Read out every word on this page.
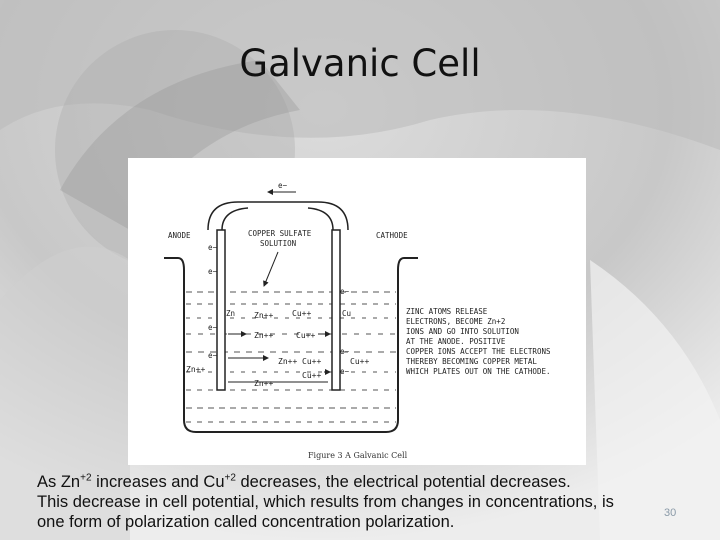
Galvanic Cell
e−
ANODE	CATHODE
COPPER SULFATE
SOLUTION
Zn	Cu
e−
e−
e−
e−
e−
e−
e−
Zn++
Zn++
Zn++
Zn++
Zn++
Cu++
Cu++
Cu++
Cu++
Cu++
ZINC ATOMS RELEASE
ELECTRONS, BECOME Zn+2
IONS AND GO INTO SOLUTION
AT THE ANODE. POSITIVE
COPPER IONS ACCEPT THE ELECTRONS
THEREBY BECOMING COPPER METAL
WHICH PLATES OUT ON THE CATHODE.
Figure 3 A Galvanic Cell
As $Zn^{+2}$ increases and $Cu^{+2}$ decreases, the electrical potential decreases.
This decrease in cell potential, which results from changes in concentrations, is
one form of polarization called concentration polarization.	30
